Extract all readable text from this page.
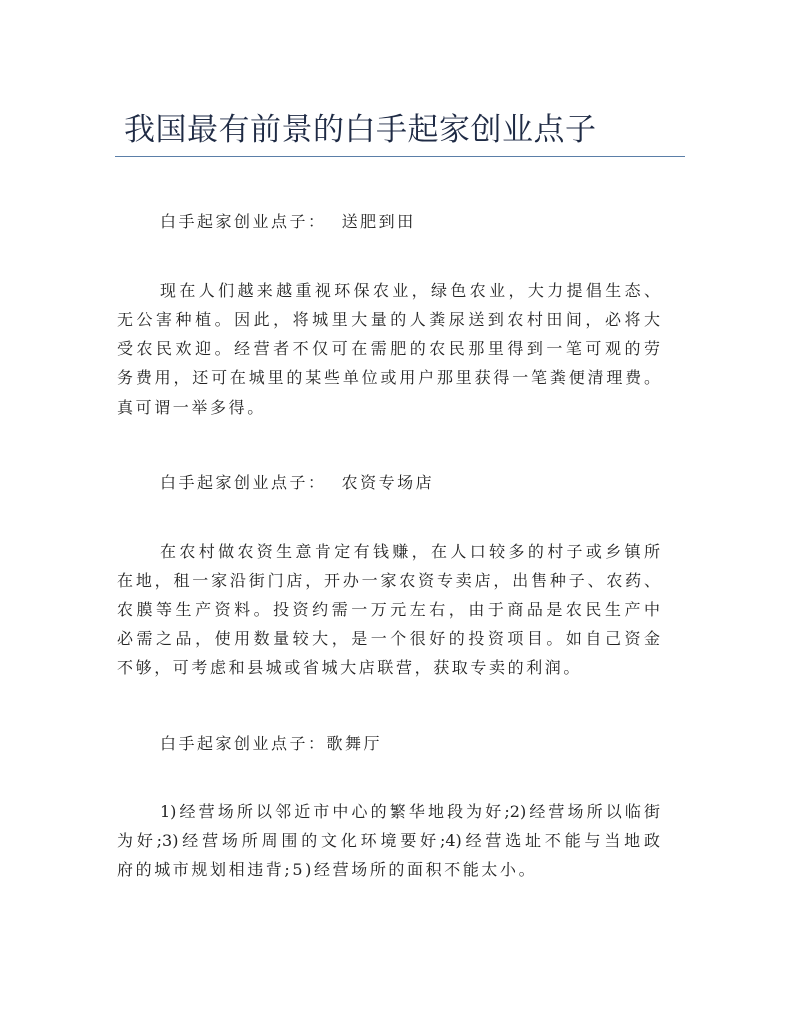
我国最有前景的白手起家创业点子
白手起家创业点子：  送肥到田
现在人们越来越重视环保农业，绿色农业，大力提倡生态、
无公害种植。因此，将城里大量的人粪尿送到农村田间，必将大
受农民欢迎。经营者不仅可在需肥的农民那里得到一笔可观的劳
务费用，还可在城里的某些单位或用户那里获得一笔粪便清理费。
真可谓一举多得。
白手起家创业点子：  农资专场店
在农村做农资生意肯定有钱赚，在人口较多的村子或乡镇所
在地，租一家沿街门店，开办一家农资专卖店，出售种子、农药、
农膜等生产资料。投资约需一万元左右，由于商品是农民生产中
必需之品，使用数量较大，是一个很好的投资项目。如自己资金
不够，可考虑和县城或省城大店联营，获取专卖的利润。
白手起家创业点子：歌舞厅
1)经营场所以邻近市中心的繁华地段为好;2)经营场所以临街
为好;3)经营场所周围的文化环境要好;4)经营选址不能与当地政
府的城市规划相违背;5)经营场所的面积不能太小。
